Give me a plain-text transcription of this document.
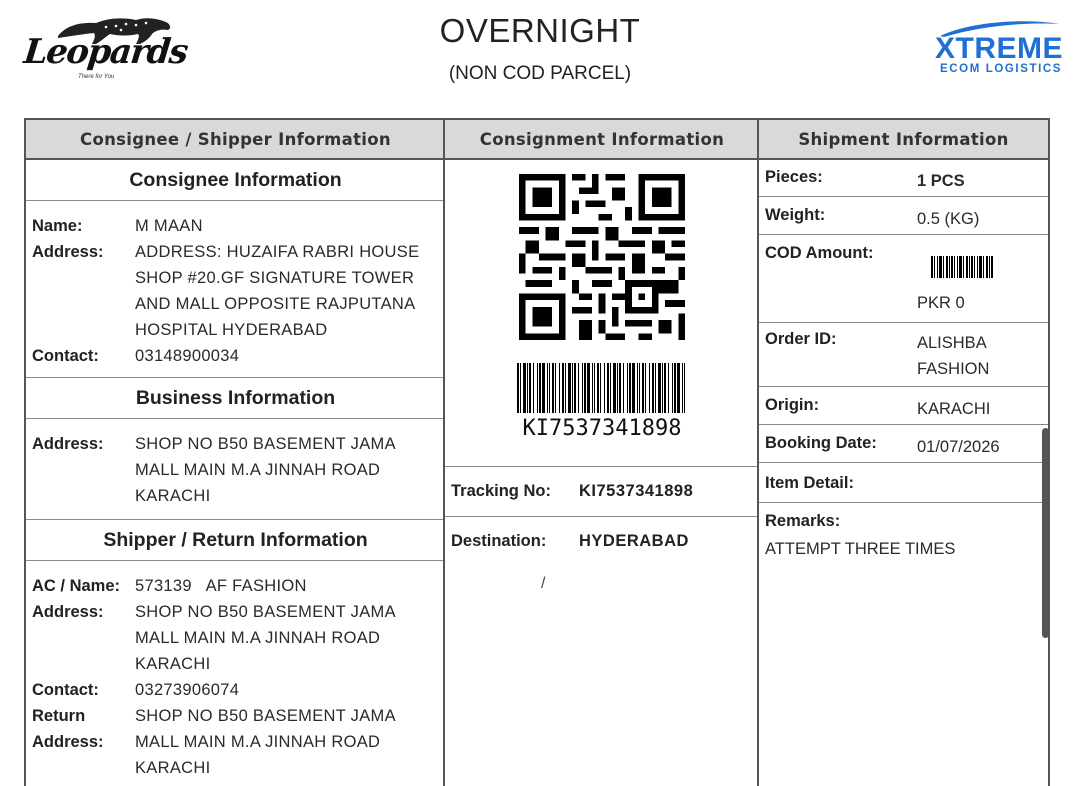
Leopards
There for You
OVERNIGHT
(NON COD PARCEL)
XTREME
ECOM LOGISTICS
Consignee / Shipper Information
Consignee Information
Name:	M MAAN
Address:	ADDRESS: HUZAIFA RABRI HOUSE
SHOP #20.GF SIGNATURE TOWER
AND MALL OPPOSITE RAJPUTANA
HOSPITAL HYDERABAD
Contact:	03148900034
Business Information
Address:	SHOP NO B50 BASEMENT JAMA
MALL MAIN M.A JINNAH ROAD
KARACHI
Shipper / Return Information
AC / Name: 573139   AF FASHION
Address:	SHOP NO B50 BASEMENT JAMA
MALL MAIN M.A JINNAH ROAD
KARACHI
Contact:	03273906074
Return
Address:
SHOP NO B50 BASEMENT JAMA
MALL MAIN M.A JINNAH ROAD
KARACHI
Consignment Information
KI7537341898
Tracking No:	KI7537341898
Destination:	HYDERABAD
/
Shipment Information
Pieces:	1 PCS
Weight:	0.5 (KG)
COD Amount:
PKR 0
Order ID:	ALISHBA
FASHION
Origin:	KARACHI
Booking Date: 01/07/2026
Item Detail:
Remarks:
ATTEMPT THREE TIMES
